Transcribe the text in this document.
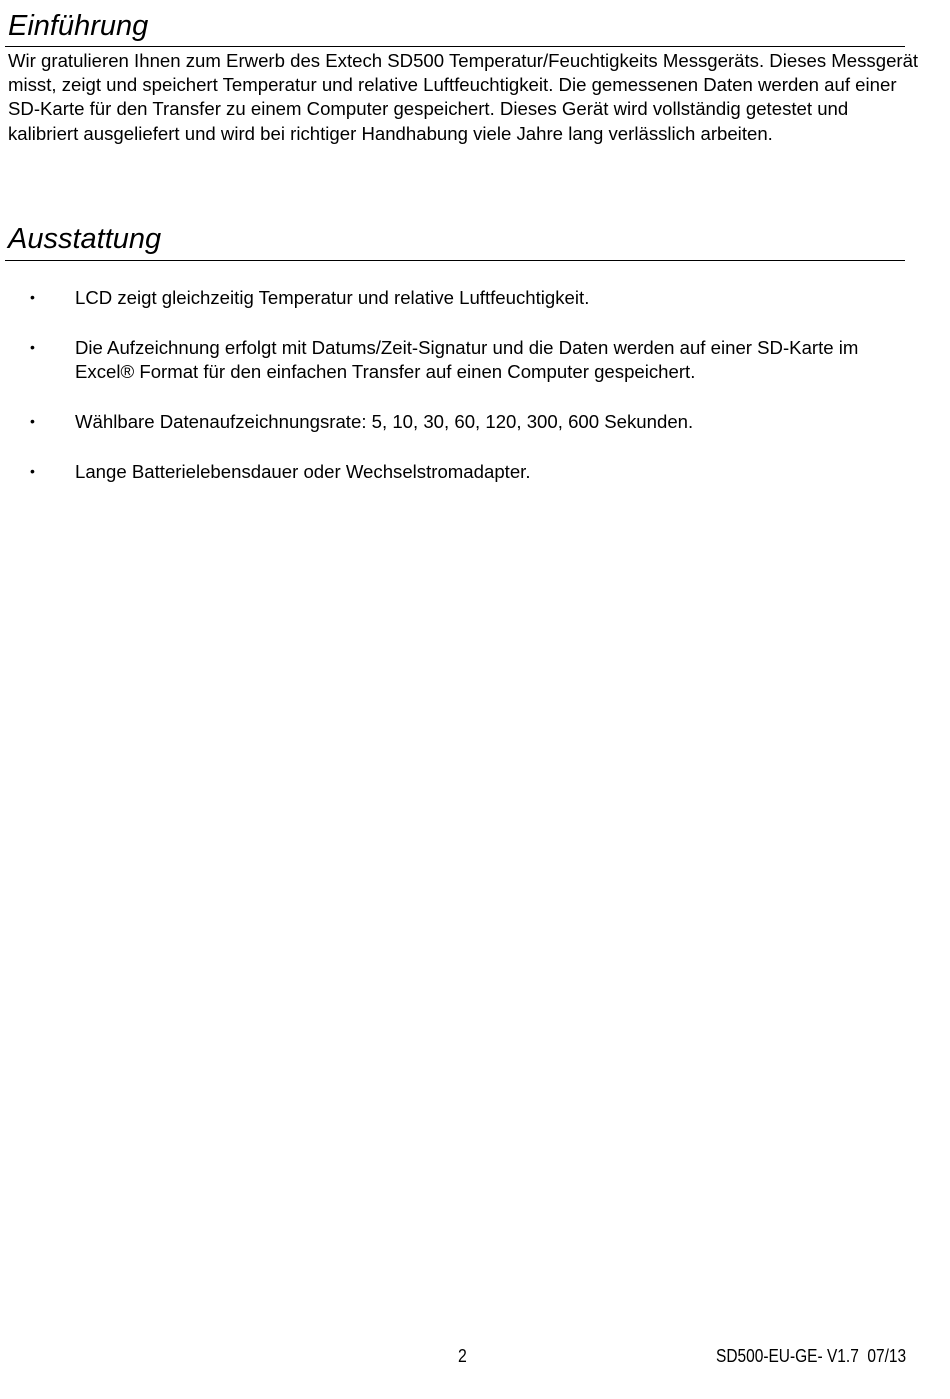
Einführung

Wir gratulieren Ihnen zum Erwerb des Extech SD500 Temperatur/Feuchtigkeits Messgeräts. Dieses Messgerät misst, zeigt und speichert Temperatur und relative Luftfeuchtigkeit. Die gemessenen Daten werden auf einer SD-Karte für den Transfer zu einem Computer gespeichert. Dieses Gerät wird vollständig getestet und kalibriert ausgeliefert und wird bei richtiger Handhabung viele Jahre lang verlässlich arbeiten.

Ausstattung
• LCD zeigt gleichzeitig Temperatur und relative Luftfeuchtigkeit.
• Die Aufzeichnung erfolgt mit Datums/Zeit-Signatur und die Daten werden auf einer SD-Karte im Excel® Format für den einfachen Transfer auf einen Computer gespeichert.
• Wählbare Datenaufzeichnungsrate: 5, 10, 30, 60, 120, 300, 600 Sekunden.
• Lange Batterielebensdauer oder Wechselstromadapter.
2	SD500-EU-GE- V1.7  07/13
